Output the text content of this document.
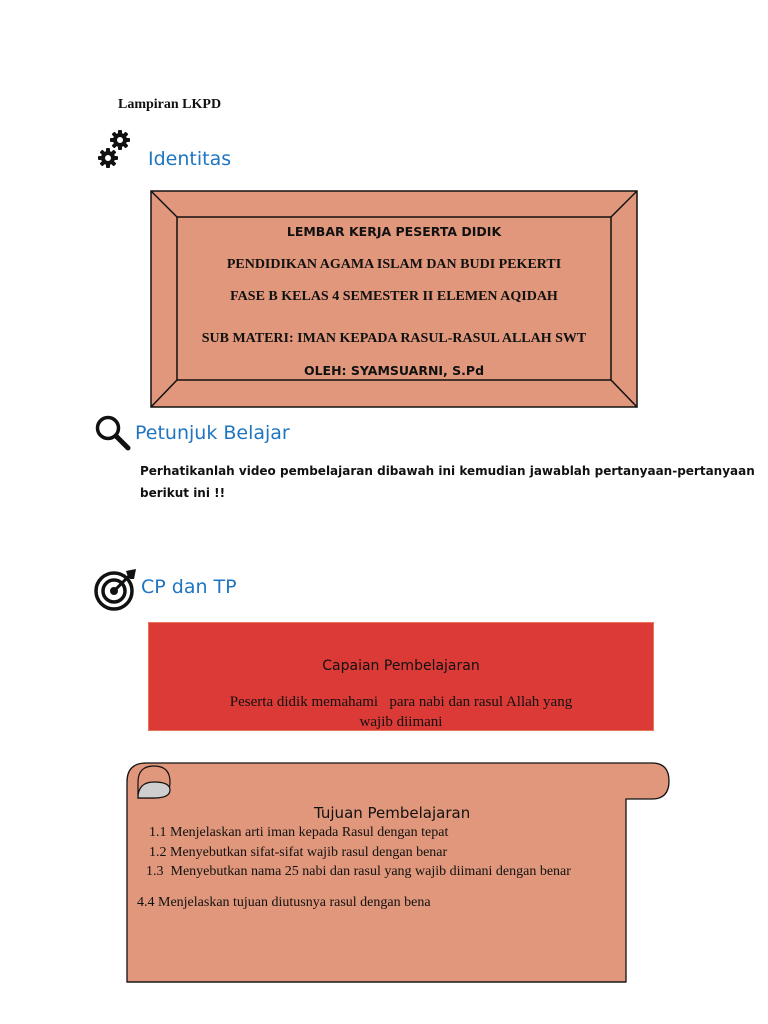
Lampiran LKPD
Identitas
LEMBAR KERJA PESERTA DIDIK
PENDIDIKAN AGAMA ISLAM DAN BUDI PEKERTI
FASE B KELAS 4 SEMESTER II ELEMEN AQIDAH
SUB MATERI: IMAN KEPADA RASUL-RASUL ALLAH SWT
OLEH: SYAMSUARNI, S.Pd
Petunjuk Belajar
Perhatikanlah video pembelajaran dibawah ini kemudian jawablah pertanyaan-pertanyaan
berikut ini !!
CP dan TP
Capaian Pembelajaran
Peserta didik memahami   para nabi dan rasul Allah yang
wajib diimani
Tujuan Pembelajaran
1.1 Menjelaskan arti iman kepada Rasul dengan tepat
1.2 Menyebutkan sifat-sifat wajib rasul dengan benar
1.3  Menyebutkan nama 25 nabi dan rasul yang wajib diimani dengan benar
4.4 Menjelaskan tujuan diutusnya rasul dengan bena
